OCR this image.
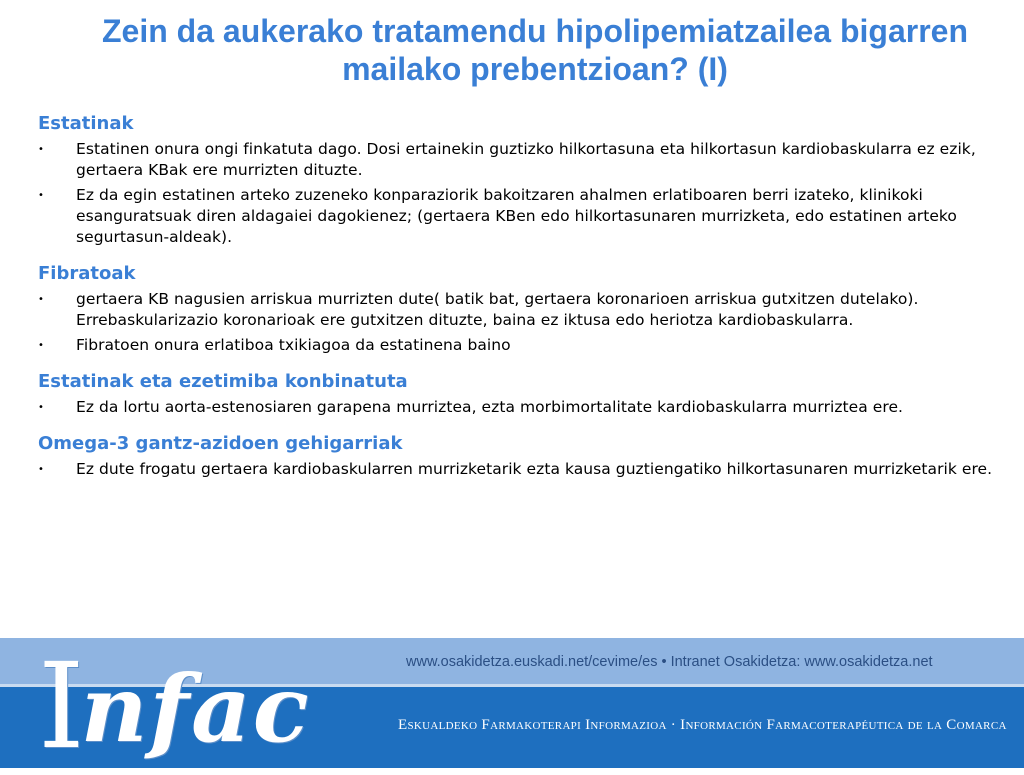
Zein da aukerako tratamendu hipolipemiatzailea bigarren mailako prebentzioan? (I)
Estatinak
• Estatinen onura ongi finkatuta dago. Dosi ertainekin guztizko hilkortasuna eta hilkortasun kardiobaskularra ez ezik, gertaera KBak ere murrizten dituzte.
• Ez da egin estatinen arteko zuzeneko konparaziorik bakoitzaren ahalmen erlatiboaren berri izateko, klinikoki esanguratsuak diren aldagaiei dagokienez; (gertaera KBen edo hilkortasunaren murrizketa, edo estatinen arteko segurtasun-aldeak).
Fibratoak
• gertaera KB nagusien arriskua murrizten dute( batik bat, gertaera koronarioen arriskua gutxitzen dutelako). Errebaskularizazio koronarioak ere gutxitzen dituzte, baina ez iktusa edo heriotza kardiobaskularra.
• Fibratoen onura erlatiboa txikiagoa da estatinena baino
Estatinak eta ezetimiba konbinatuta
• Ez da lortu aorta-estenosiaren garapena murriztea, ezta morbimortalitate kardiobaskularra murriztea ere.
Omega-3 gantz-azidoen gehigarriak
• Ez dute frogatu gertaera kardiobaskularren murrizketarik ezta kausa guztiengatiko hilkortasunaren murrizketarik ere.
Infac	www.osakidetza.euskadi.net/cevime/es • Intranet Osakidetza: www.osakidetza.net
Eskualdeko Farmakoterapi Informazioa · Información Farmacoterapéutica de la Comarca
